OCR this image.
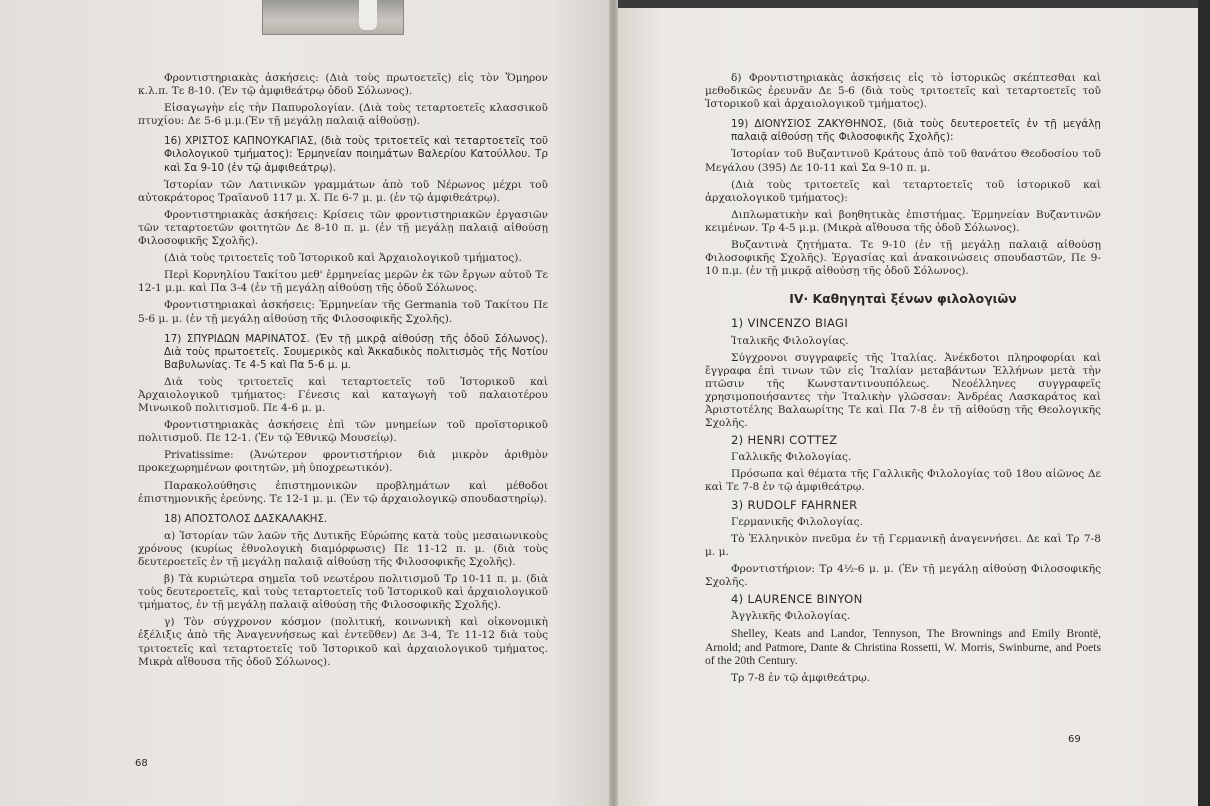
Φροντιστηριακὰς ἀσκήσεις: (Διὰ τοὺς πρωτοετεῖς) εἰς τὸν Ὅμηρον κ.λ.π. Τε 8-10. (Ἐν τῷ ἀμφιθεάτρῳ ὁδοῦ Σόλωνος).

Εἰσαγωγὴν εἰς τὴν Παπυρολογίαν. (Διὰ τοὺς τεταρτοετεῖς κλασσικοῦ πτυχίου: Δε 5-6 μ.μ.(Ἐν τῇ μεγάλῃ παλαιᾷ αἰθούσῃ).

16) ΧΡΙΣΤΟΣ ΚΑΠΝΟΥΚΑΓΙΑΣ, (διὰ τοὺς τριτοετεῖς καὶ τεταρτοετεῖς τοῦ Φιλολογικοῦ τμήματος): Ἑρμηνείαν ποιημάτων Βαλερίου Κατούλλου. Τρ καὶ Σα 9-10 (ἐν τῷ ἀμφιθεάτρῳ).

Ἱστορίαν τῶν Λατινικῶν γραμμάτων ἀπὸ τοῦ Νέρωνος μέχρι τοῦ αὐτοκράτορος Τραϊανοῦ 117 μ. Χ. Πε 6-7 μ. μ. (ἐν τῷ ἀμφιθεάτρῳ).

Φροντιστηριακὰς ἀσκήσεις: Κρίσεις τῶν φροντιστηριακῶν ἐργασιῶν τῶν τεταρτοετῶν φοιτητῶν Δε 8-10 π. μ. (ἐν τῇ μεγάλῃ παλαιᾷ αἰθούσῃ Φιλοσοφικῆς Σχολῆς).

(Διὰ τοὺς τριτοετεῖς τοῦ Ἱστορικοῦ καὶ Ἀρχαιολογικοῦ τμήματος).

Περὶ Κορνηλίου Τακίτου μεθ' ἑρμηνείας μερῶν ἐκ τῶν ἔργων αὐτοῦ Τε 12-1 μ.μ. καὶ Πα 3-4 (ἐν τῇ μεγάλῃ αἰθούσῃ τῆς ὁδοῦ Σόλωνος.

Φροντιστηριακαὶ ἀσκήσεις: Ἑρμηνείαν τῆς Germania τοῦ Τακίτου Πε 5-6 μ. μ. (ἐν τῇ μεγάλῃ αἰθούσῃ τῆς Φιλοσοφικῆς Σχολῆς).

17) ΣΠΥΡΙΔΩΝ ΜΑΡΙΝΑΤΟΣ. (Ἐν τῇ μικρᾷ αἰθούσῃ τῆς ὁδοῦ Σόλωνος). Διὰ τοὺς πρωτοετεῖς. Σουμερικὸς καὶ Ἀκκαδικὸς πολιτισμὸς τῆς Νοτίου Βαβυλωνίας. Τε 4-5 καὶ Πα 5-6 μ. μ.

Διὰ τοὺς τριτοετεῖς καὶ τεταρτοετεῖς τοῦ Ἱστορικοῦ καὶ Ἀρχαιολογικοῦ τμήματος: Γένεσις καὶ καταγωγὴ τοῦ παλαιοτέρου Μινωικοῦ πολιτισμοῦ. Πε 4-6 μ. μ.

Φροντιστηριακὰς ἀσκήσεις ἐπὶ τῶν μνημείων τοῦ προϊστορικοῦ πολιτισμοῦ. Πε 12-1. (Ἐν τῷ Ἐθνικῷ Μουσείῳ).

Privatissime: (Ἀνώτερον φροντιστήριον διὰ μικρὸν ἀριθμὸν προκεχωρημένων φοιτητῶν, μὴ ὑποχρεωτικόν).

Παρακολούθησις ἐπιστημονικῶν προβλημάτων καὶ μέθοδοι ἐπιστημονικῆς ἐρεύνης. Τε 12-1 μ. μ. (Ἐν τῷ ἀρχαιολογικῷ σπουδαστηρίῳ).

18) ΑΠΟΣΤΟΛΟΣ ΔΑΣΚΑΛΑΚΗΣ.

α) Ἱστορίαν τῶν λαῶν τῆς Δυτικῆς Εὐρώπης κατὰ τοὺς μεσαιωνικοὺς χρόνους (κυρίως ἐθνολογικὴ διαμόρφωσις) Πε 11-12 π. μ. (διὰ τοὺς δευτεροετεῖς ἐν τῇ μεγάλῃ παλαιᾷ αἰθούσῃ τῆς Φιλοσοφικῆς Σχολῆς).

β) Τὰ κυριώτερα σημεῖα τοῦ νεωτέρου πολιτισμοῦ Τρ 10-11 π. μ. (διὰ τοὺς δευτεροετεῖς, καὶ τοὺς τεταρτοετεῖς τοῦ Ἱστορικοῦ καὶ ἀρχαιολογικοῦ τμήματος, ἐν τῇ μεγάλῃ παλαιᾷ αἰθούσῃ τῆς Φιλοσοφικῆς Σχολῆς).

γ) Τὸν σύγχρονον κόσμον (πολιτική, κοινωνικὴ καὶ οἰκονομικὴ ἐξέλιξις ἀπὸ τῆς Ἀναγεννήσεως καὶ ἐντεῦθεν) Δε 3-4, Τε 11-12 διὰ τοὺς τριτοετεῖς καὶ τεταρτοετεῖς τοῦ Ἱστορικοῦ καὶ ἀρχαιολογικοῦ τμήματος. Μικρὰ αἴθουσα τῆς ὁδοῦ Σόλωνος).

68

δ) Φροντιστηριακὰς ἀσκήσεις εἰς τὸ ἱστορικῶς σκέπτεσθαι καὶ μεθοδικῶς ἐρευνᾶν Δε 5-6 (διὰ τοὺς τριτοετεῖς καὶ τεταρτοετεῖς τοῦ Ἱστορικοῦ καὶ ἀρχαιολογικοῦ τμήματος).

19) ΔΙΟΝΥΣΙΟΣ ΖΑΚΥΘΗΝΟΣ, (διὰ τοὺς δευτεροετεῖς ἐν τῇ μεγάλῃ παλαιᾷ αἰθούσῃ τῆς Φιλοσοφικῆς Σχολῆς):

Ἱστορίαν τοῦ Βυζαντινοῦ Κράτους ἀπὸ τοῦ θανάτου Θεοδοσίου τοῦ Μεγάλου (395) Δε 10-11 καὶ Σα 9-10 π. μ.

(Διὰ τοὺς τριτοετεῖς καὶ τεταρτοετεῖς τοῦ ἱστορικοῦ καὶ ἀρχαιολογικοῦ τμήματος):

Διπλωματικὴν καὶ βοηθητικὰς ἐπιστήμας. Ἑρμηνείαν Βυζαντινῶν κειμένων. Τρ 4-5 μ.μ. (Μικρὰ αἴθουσα τῆς ὁδοῦ Σόλωνος).

Βυζαντινὰ ζητήματα. Τε 9-10 (ἐν τῇ μεγάλῃ παλαιᾷ αἰθούσῃ Φιλοσοφικῆς Σχολῆς). Ἐργασίας καὶ ἀνακοινώσεις σπουδαστῶν, Πε 9-10 π.μ. (ἐν τῇ μικρᾷ αἰθούσῃ τῆς ὁδοῦ Σόλωνος).

IV· Καθηγηταὶ ξένων φιλολογιῶν

1) VINCENZO BIAGI

Ἰταλικῆς Φιλολογίας.

Σύγχρονοι συγγραφεῖς τῆς Ἰταλίας. Ἀνέκδοτοι πληροφορίαι καὶ ἔγγραφα ἐπὶ τινων τῶν εἰς Ἰταλίαν μεταβάντων Ἑλλήνων μετὰ τὴν πτῶσιν τῆς Κωνσταντινουπόλεως. Νεοέλληνες συγγραφεῖς χρησιμοποιήσαντες τὴν Ἰταλικὴν γλῶσσαν: Ἀνδρέας Λασκαράτος καὶ Ἀριστοτέλης Βαλαωρίτης Τε καὶ Πα 7-8 ἐν τῇ αἰθούσῃ τῆς Θεολογικῆς Σχολῆς.

2) HENRI COTTEZ

Γαλλικῆς Φιλολογίας.

Πρόσωπα καὶ θέματα τῆς Γαλλικῆς Φιλολογίας τοῦ 18ου αἰῶνος Δε καὶ Τε 7-8 ἐν τῷ ἀμφιθεάτρῳ.

3) RUDOLF FAHRNER

Γερμανικῆς Φιλολογίας.

Τὸ Ἑλληνικὸν πνεῦμα ἐν τῇ Γερμανικῇ ἀναγεννήσει. Δε καὶ Τρ 7-8 μ. μ.

Φροντιστήριον: Τρ 4½-6 μ. μ. (Ἐν τῇ μεγάλῃ αἰθούσῃ Φιλοσοφικῆς Σχολῆς.

4) LAURENCE BINYON

Ἀγγλικῆς Φιλολογίας.

Shelley, Keats and Landor, Tennyson, The Brownings and Emily Brontë, Arnold; and Patmore, Dante & Christina Rossetti, W. Morris, Swinburne, and Poets of the 20th Century.

Τρ 7-8 ἐν τῷ ἀμφιθεάτρῳ.

69
